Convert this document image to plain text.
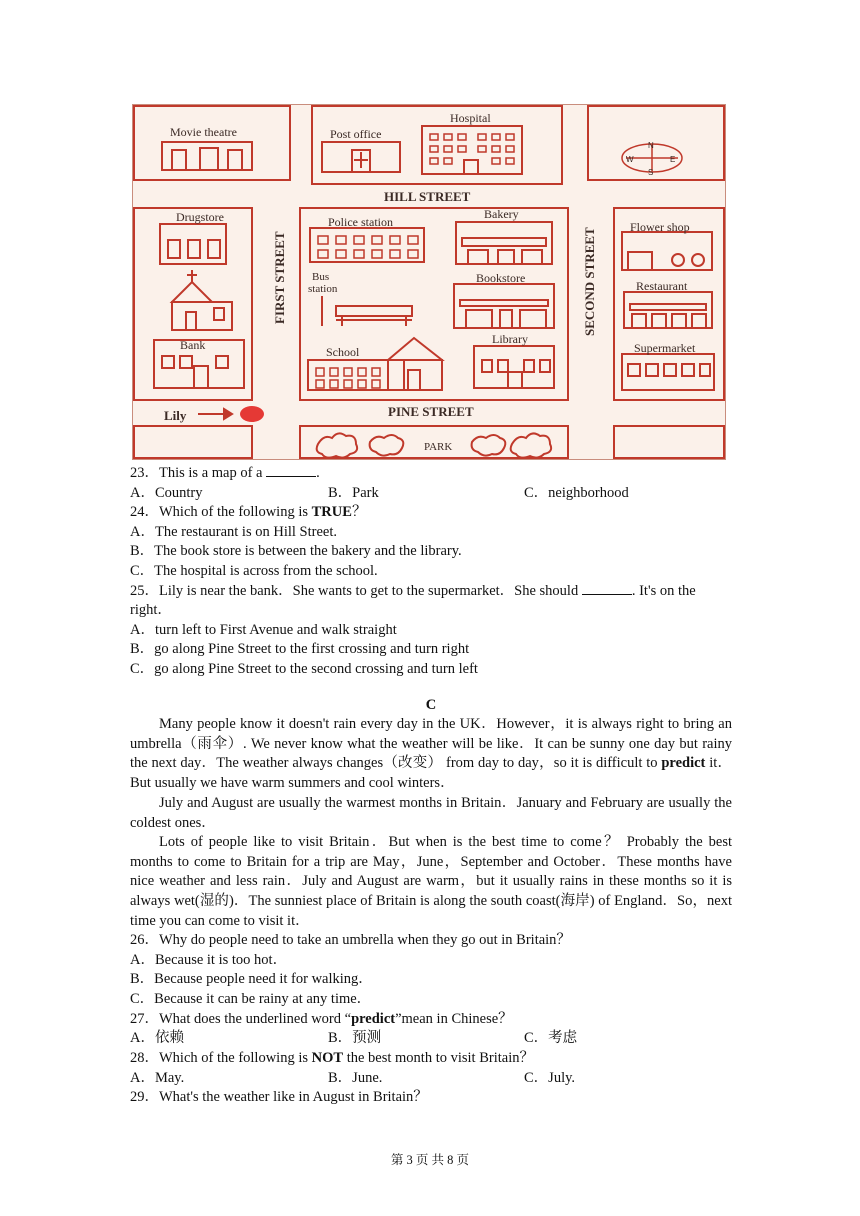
Movie theatre	Post office
Hospital
N
S
W	E
HILL STREET
FIRST STREET	SECOND STREET
PINE STREET
Drugstore
Bank
Police station
Bakery
Bus
station
Bookstore
School
Library
Flower shop
Restaurant
Supermarket
Lily
PARK
23．This is a map of a	.
A．Country	B．Park	C．neighborhood
24．Which of the following is TRUE？
A．The restaurant is on Hill Street.
B．The book store is between the bakery and the library.
C．The hospital is across from the school.
25．Lily is near the bank．She wants to get to the supermarket．She should	. It's on the
right．
A．turn left to First Avenue and walk straight
B．go along Pine Street to the first crossing and turn right
C．go along Pine Street to the second crossing and turn left
C
Many people know it doesn't rain every day in the UK．However，it is always right to bring an umbrella（雨伞）. We never know what the weather will be like．It can be sunny one day but rainy the next day．The weather always changes（改变） from day to day，so it is difficult to predict it．But usually we have warm summers and cool winters．
July and August are usually the warmest months in Britain．January and February are usually the coldest ones．
Lots of people like to visit Britain．But when is the best time to come？ Probably the best months to come to Britain for a trip are May，June，September and October．These months have nice weather and less rain．July and August are warm，but it usually rains in these months so it is always wet(湿的)．The sunniest place of Britain is along the south coast(海岸) of England．So，next time you can come to visit it．
26．Why do people need to take an umbrella when they go out in Britain？
A．Because it is too hot．
B．Because people need it for walking．
C．Because it can be rainy at any time．
27．What does the underlined word “predict”mean in Chinese？
A．依赖	B．预测	C．考虑
28．Which of the following is NOT the best month to visit Britain？
A．May.	B．June.	C．July.
29．What's the weather like in August in Britain？
第 3 页 共 8 页
